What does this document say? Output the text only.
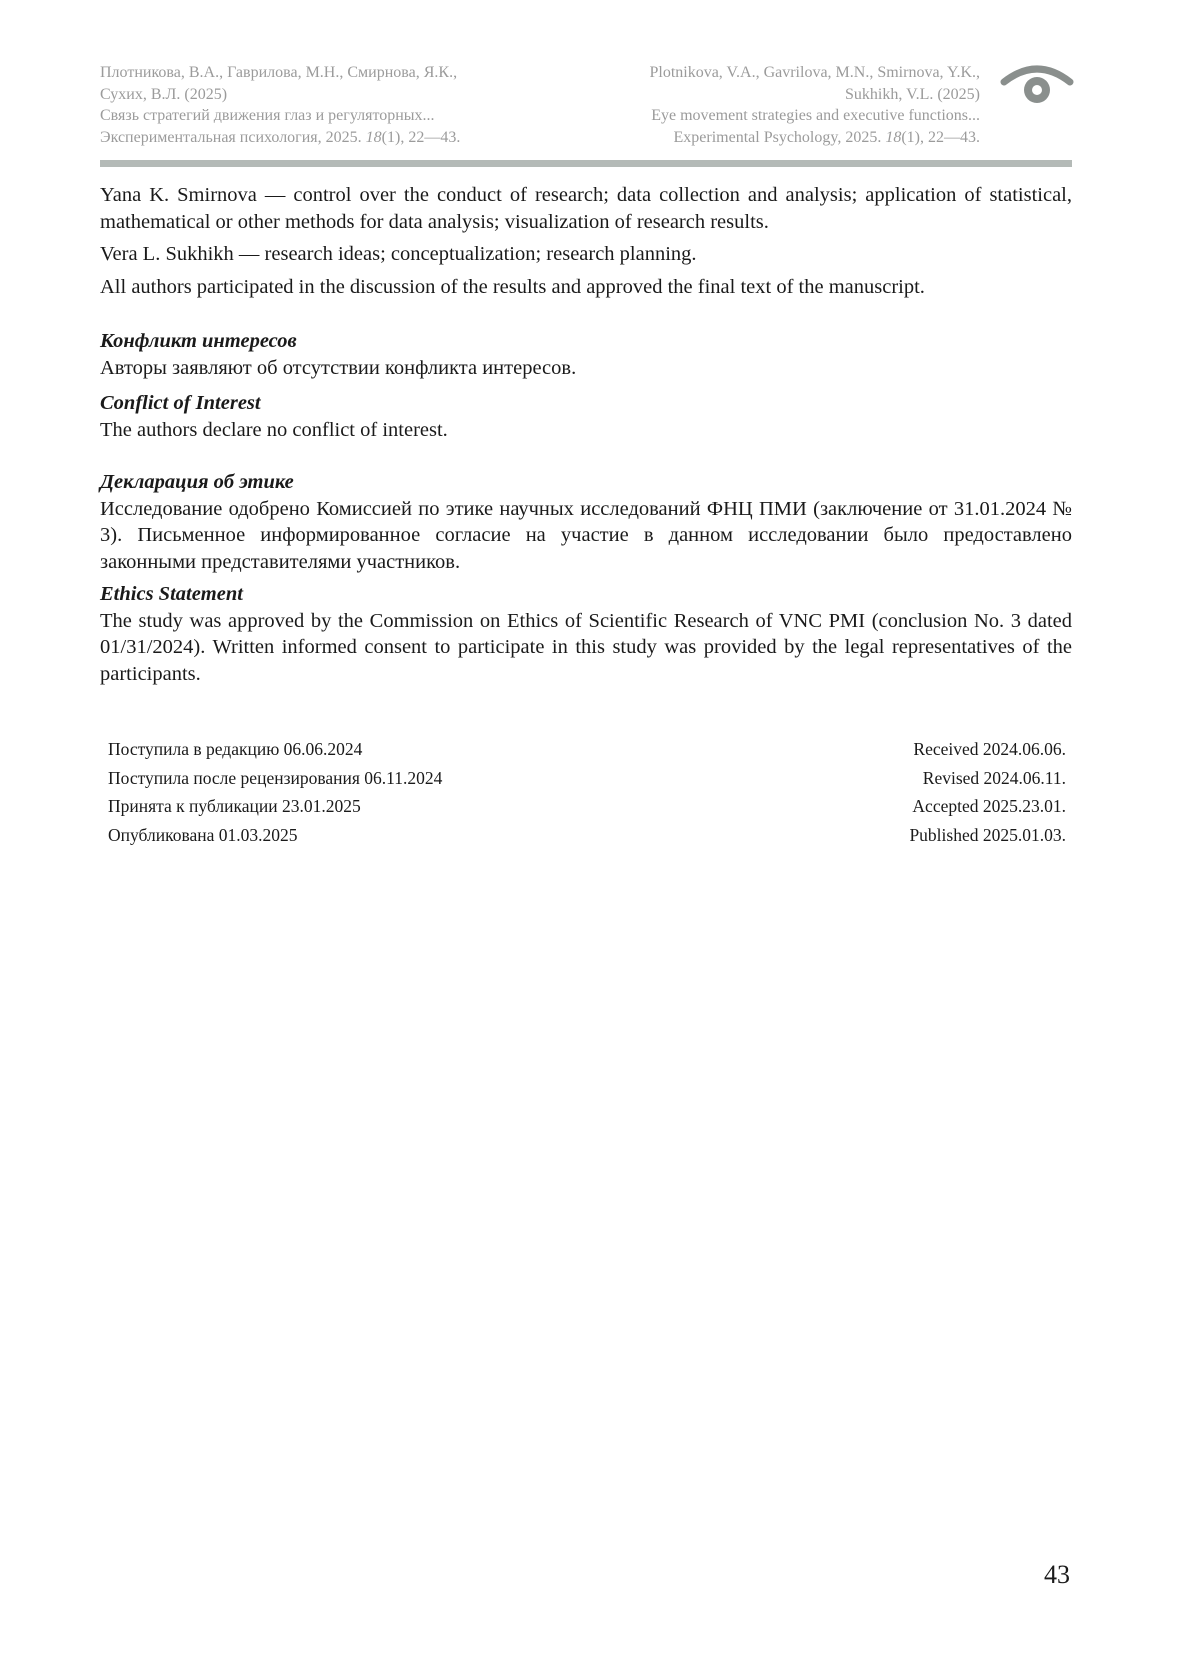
Плотникова, В.А., Гаврилова, М.Н., Смирнова, Я.К.,
Сухих, В.Л. (2025)
Связь стратегий движения глаз и регуляторных...
Экспериментальная психология, 2025. 18(1), 22—43.
Plotnikova, V.A., Gavrilova, M.N., Smirnova, Y.K.,
Sukhikh, V.L. (2025)
Eye movement strategies and executive functions...
Experimental Psychology, 2025. 18(1), 22—43.

Yana K. Smirnova — control over the conduct of research; data collection and analysis; application of statistical, mathematical or other methods for data analysis; visualization of research results.

Vera L. Sukhikh — research ideas; conceptualization; research planning.

All authors participated in the discussion of the results and approved the final text of the manuscript.

Конфликт интересов

Авторы заявляют об отсутствии конфликта интересов.

Conflict of Interest

The authors declare no conflict of interest.

Декларация об этике

Исследование одобрено Комиссией по этике научных исследований ФНЦ ПМИ (заключение от 31.01.2024 № 3). Письменное информированное согласие на участие в данном исследовании было предоставлено законными представителями участников.

Ethics Statement

The study was approved by the Commission on Ethics of Scientific Research of VNC PMI (conclusion No. 3 dated 01/31/2024). Written informed consent to participate in this study was provided by the legal representatives of the participants.

Поступила в редакцию 06.06.2024	Received 2024.06.06.
Поступила после рецензирования 06.11.2024	Revised 2024.06.11.
Принята к публикации 23.01.2025	Accepted 2025.23.01.
Опубликована 01.03.2025	Published 2025.01.03.
43
